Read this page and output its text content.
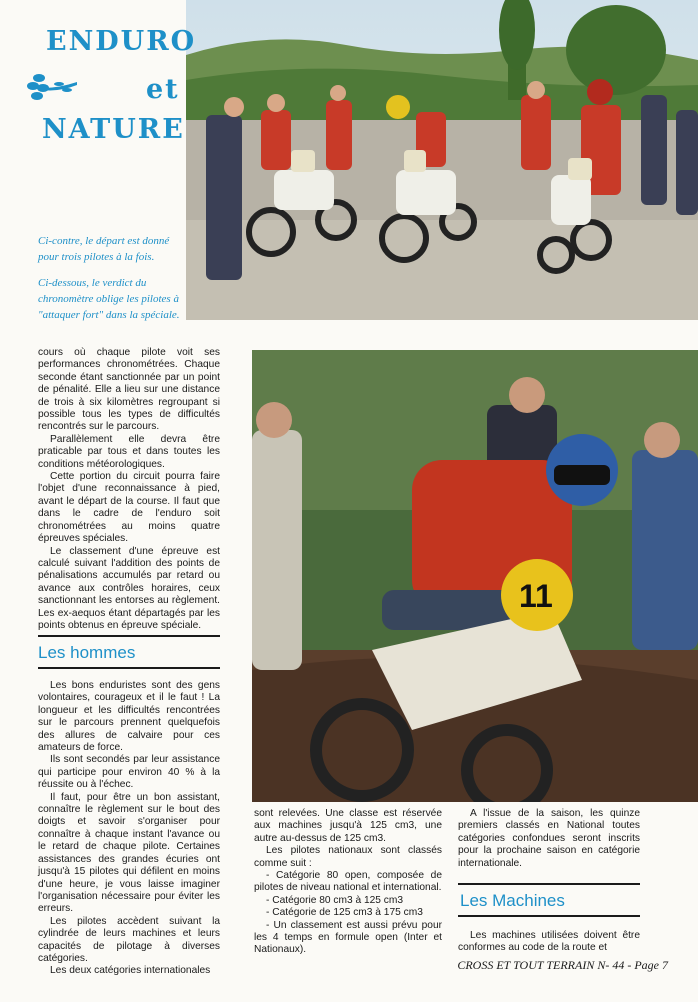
ENDURO
et
NATURE
Ci-contre, le départ est donné pour trois pilotes à la fois.
Ci-dessous, le verdict du chronomètre oblige les pilotes à "attaquer fort" dans la spéciale.
11

cours où chaque pilote voit ses performances chronométrées. Chaque seconde étant sanctionnée par un point de pénalité. Elle a lieu sur une distance de trois à six kilomètres regroupant si possible tous les types de difficultés rencontrés sur le parcours.

Parallèlement elle devra être praticable par tous et dans toutes les conditions météorologiques.

Cette portion du circuit pourra faire l'objet d'une reconnaissance à pied, avant le départ de la course. Il faut que dans le cadre de l'enduro soit chronométrées au moins quatre épreuves spéciales.

Le classement d'une épreuve est calculé suivant l'addition des points de pénalisations accumulés par retard ou avance aux contrôles horaires, ceux sanctionnant les entorses au règlement. Les ex-aequos étant départagés par les points obtenus en épreuve spéciale.

Les hommes

Les bons enduristes sont des gens volontaires, courageux et il le faut ! La longueur et les difficultés rencontrées sur le parcours prennent quelquefois des allures de calvaire pour ces amateurs de force.

Ils sont secondés par leur assistance qui participe pour environ 40 % à la réussite ou à l'échec.

Il faut, pour être un bon assistant, connaître le règlement sur le bout des doigts et savoir s'organiser pour connaître à chaque instant l'avance ou le retard de chaque pilote. Certaines assistances des grandes écuries ont jusqu'à 15 pilotes qui défilent en moins d'une heure, je vous laisse imaginer l'organisation nécessaire pour éviter les erreurs.

Les pilotes accèdent suivant la cylindrée de leurs machines et leurs capacités de pilotage à diverses catégories.

Les deux catégories internationales

sont relevées. Une classe est réservée aux machines jusqu'à 125 cm3, une autre au-dessus de 125 cm3.

Les pilotes nationaux sont classés comme suit :

- Catégorie 80 open, composée de pilotes de niveau national et international.

- Catégorie 80 cm3 à 125 cm3

- Catégorie de 125 cm3 à 175 cm3

- Un classement est aussi prévu pour les 4 temps en formule open (Inter et Nationaux).

A l'issue de la saison, les quinze premiers classés en National toutes catégories confondues seront inscrits pour la prochaine saison en catégorie internationale.

Les Machines

Les machines utilisées doivent être conformes au code de la route et

CROSS ET TOUT TERRAIN N- 44 - Page 7
